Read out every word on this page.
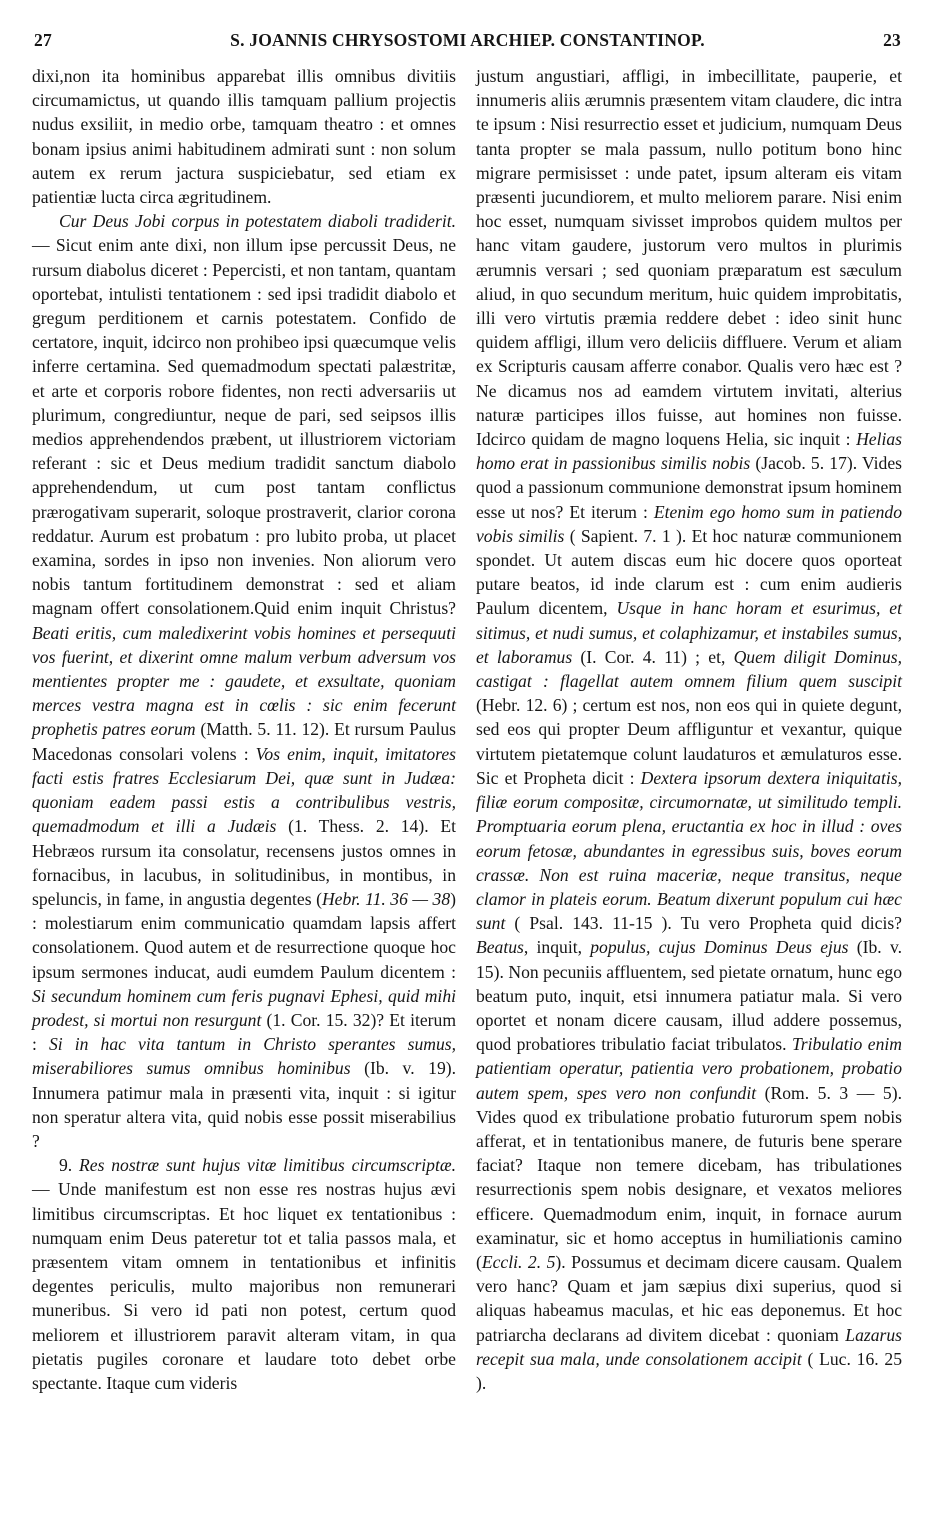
27	S. JOANNIS CHRYSOSTOMI ARCHIEP. CONSTANTINOP.	23

dixi,non ita hominibus apparebat illis omnibus divitiis circumamictus, ut quando illis tamquam pallium projectis nudus exsiliit, in medio orbe, tamquam theatro : et omnes bonam ipsius animi habitudinem admirati sunt : non solum autem ex rerum jactura suspiciebatur, sed etiam ex patientiæ lucta circa ægritudinem.

Cur Deus Jobi corpus in potestatem diaboli tradiderit. — Sicut enim ante dixi, non illum ipse percussit Deus, ne rursum diabolus diceret : Pepercisti, et non tantam, quantam oportebat, intulisti tentationem : sed ipsi tradidit diabolo et gregum perditionem et carnis potestatem. Confido de certatore, inquit, idcirco non prohibeo ipsi quæcumque velis inferre certamina. Sed quemadmodum spectati palæstritæ, et arte et corporis robore fidentes, non recti adversariis ut plurimum, congrediuntur, neque de pari, sed seipsos illis medios apprehendendos præbent, ut illustriorem victoriam referant : sic et Deus medium tradidit sanctum diabolo apprehendendum, ut cum post tantam conflictus prærogativam superarit, soloque prostraverit, clarior corona reddatur. Aurum est probatum : pro lubito proba, ut placet examina, sordes in ipso non invenies. Non aliorum vero nobis tantum fortitudinem demonstrat : sed et aliam magnam offert consolationem.Quid enim inquit Christus? Beati eritis, cum maledixerint vobis homines et persequuti vos fuerint, et dixerint omne malum verbum adversum vos mentientes propter me : gaudete, et exsultate, quoniam merces vestra magna est in cœlis : sic enim fecerunt prophetis patres eorum (Matth. 5. 11. 12). Et rursum Paulus Macedonas consolari volens : Vos enim, inquit, imitatores facti estis fratres Ecclesiarum Dei, quæ sunt in Judæa: quoniam eadem passi estis a contribulibus vestris, quemadmodum et illi a Judæis (1. Thess. 2. 14). Et Hebræos rursum ita consolatur, recensens justos omnes in fornacibus, in lacubus, in solitudinibus, in montibus, in speluncis, in fame, in angustia degentes (Hebr. 11. 36 — 38) : molestiarum enim communicatio quamdam lapsis affert consolationem. Quod autem et de resurrectione quoque hoc ipsum sermones inducat, audi eumdem Paulum dicentem : Si secundum hominem cum feris pugnavi Ephesi, quid mihi prodest, si mortui non resurgunt (1. Cor. 15. 32)? Et iterum : Si in hac vita tantum in Christo sperantes sumus, miserabiliores sumus omnibus hominibus (Ib. v. 19). Innumera patimur mala in præsenti vita, inquit : si igitur non speratur altera vita, quid nobis esse possit miserabilius ?

9. Res nostræ sunt hujus vitæ limitibus circumscriptæ. — Unde manifestum est non esse res nostras hujus ævi limitibus circumscriptas. Et hoc liquet ex tentationibus : numquam enim Deus pateretur tot et talia passos mala, et præsentem vitam omnem in tentationibus et infinitis degentes periculis, multo majoribus non remunerari muneribus. Si vero id pati non potest, certum quod meliorem et illustriorem paravit alteram vitam, in qua pietatis pugiles coronare et laudare toto debet orbe spectante. Itaque cum videris

justum angustiari, affligi, in imbecillitate, pauperie, et innumeris aliis ærumnis præsentem vitam claudere, dic intra te ipsum : Nisi resurrectio esset et judicium, numquam Deus tanta propter se mala passum, nullo potitum bono hinc migrare permisisset : unde patet, ipsum alteram eis vitam præsenti jucundiorem, et multo meliorem parare. Nisi enim hoc esset, numquam sivisset improbos quidem multos per hanc vitam gaudere, justorum vero multos in plurimis ærumnis versari ; sed quoniam præparatum est sæculum aliud, in quo secundum meritum, huic quidem improbitatis, illi vero virtutis præmia reddere debet : ideo sinit hunc quidem affligi, illum vero deliciis diffluere. Verum et aliam ex Scripturis causam afferre conabor. Qualis vero hæc est ? Ne dicamus nos ad eamdem virtutem invitati, alterius naturæ participes illos fuisse, aut homines non fuisse. Idcirco quidam de magno loquens Helia, sic inquit : Helias homo erat in passionibus similis nobis (Jacob. 5. 17). Vides quod a passionum communione demonstrat ipsum hominem esse ut nos? Et iterum : Etenim ego homo sum in patiendo vobis similis ( Sapient. 7. 1 ). Et hoc naturæ communionem spondet. Ut autem discas eum hic docere quos oporteat putare beatos, id inde clarum est : cum enim audieris Paulum dicentem, Usque in hanc horam et esurimus, et sitimus, et nudi sumus, et colaphizamur, et instabiles sumus, et laboramus (I. Cor. 4. 11) ; et, Quem diligit Dominus, castigat : flagellat autem omnem filium quem suscipit (Hebr. 12. 6) ; certum est nos, non eos qui in quiete degunt, sed eos qui propter Deum affliguntur et vexantur, quique virtutem pietatemque colunt laudaturos et æmulaturos esse. Sic et Propheta dicit : Dextera ipsorum dextera iniquitatis, filiæ eorum compositæ, circumornatæ, ut similitudo templi. Promptuaria eorum plena, eructantia ex hoc in illud : oves eorum fetosæ, abundantes in egressibus suis, boves eorum crassæ. Non est ruina maceriæ, neque transitus, neque clamor in plateis eorum. Beatum dixerunt populum cui hæc sunt ( Psal. 143. 11-15 ). Tu vero Propheta quid dicis? Beatus, inquit, populus, cujus Dominus Deus ejus (Ib. v. 15). Non pecuniis affluentem, sed pietate ornatum, hunc ego beatum puto, inquit, etsi innumera patiatur mala. Si vero oportet et nonam dicere causam, illud addere possemus, quod probatiores tribulatio faciat tribulatos. Tribulatio enim patientiam operatur, patientia vero probationem, probatio autem spem, spes vero non confundit (Rom. 5. 3 — 5). Vides quod ex tribulatione probatio futurorum spem nobis afferat, et in tentationibus manere, de futuris bene sperare faciat? Itaque non temere dicebam, has tribulationes resurrectionis spem nobis designare, et vexatos meliores efficere. Quemadmodum enim, inquit, in fornace aurum examinatur, sic et homo acceptus in humiliationis camino (Eccli. 2. 5). Possumus et decimam dicere causam. Qualem vero hanc? Quam et jam sæpius dixi superius, quod si aliquas habeamus maculas, et hic eas deponemus. Et hoc patriarcha declarans ad divitem dicebat : quoniam Lazarus recepit sua mala, unde consolationem accipit ( Luc. 16. 25 ).
